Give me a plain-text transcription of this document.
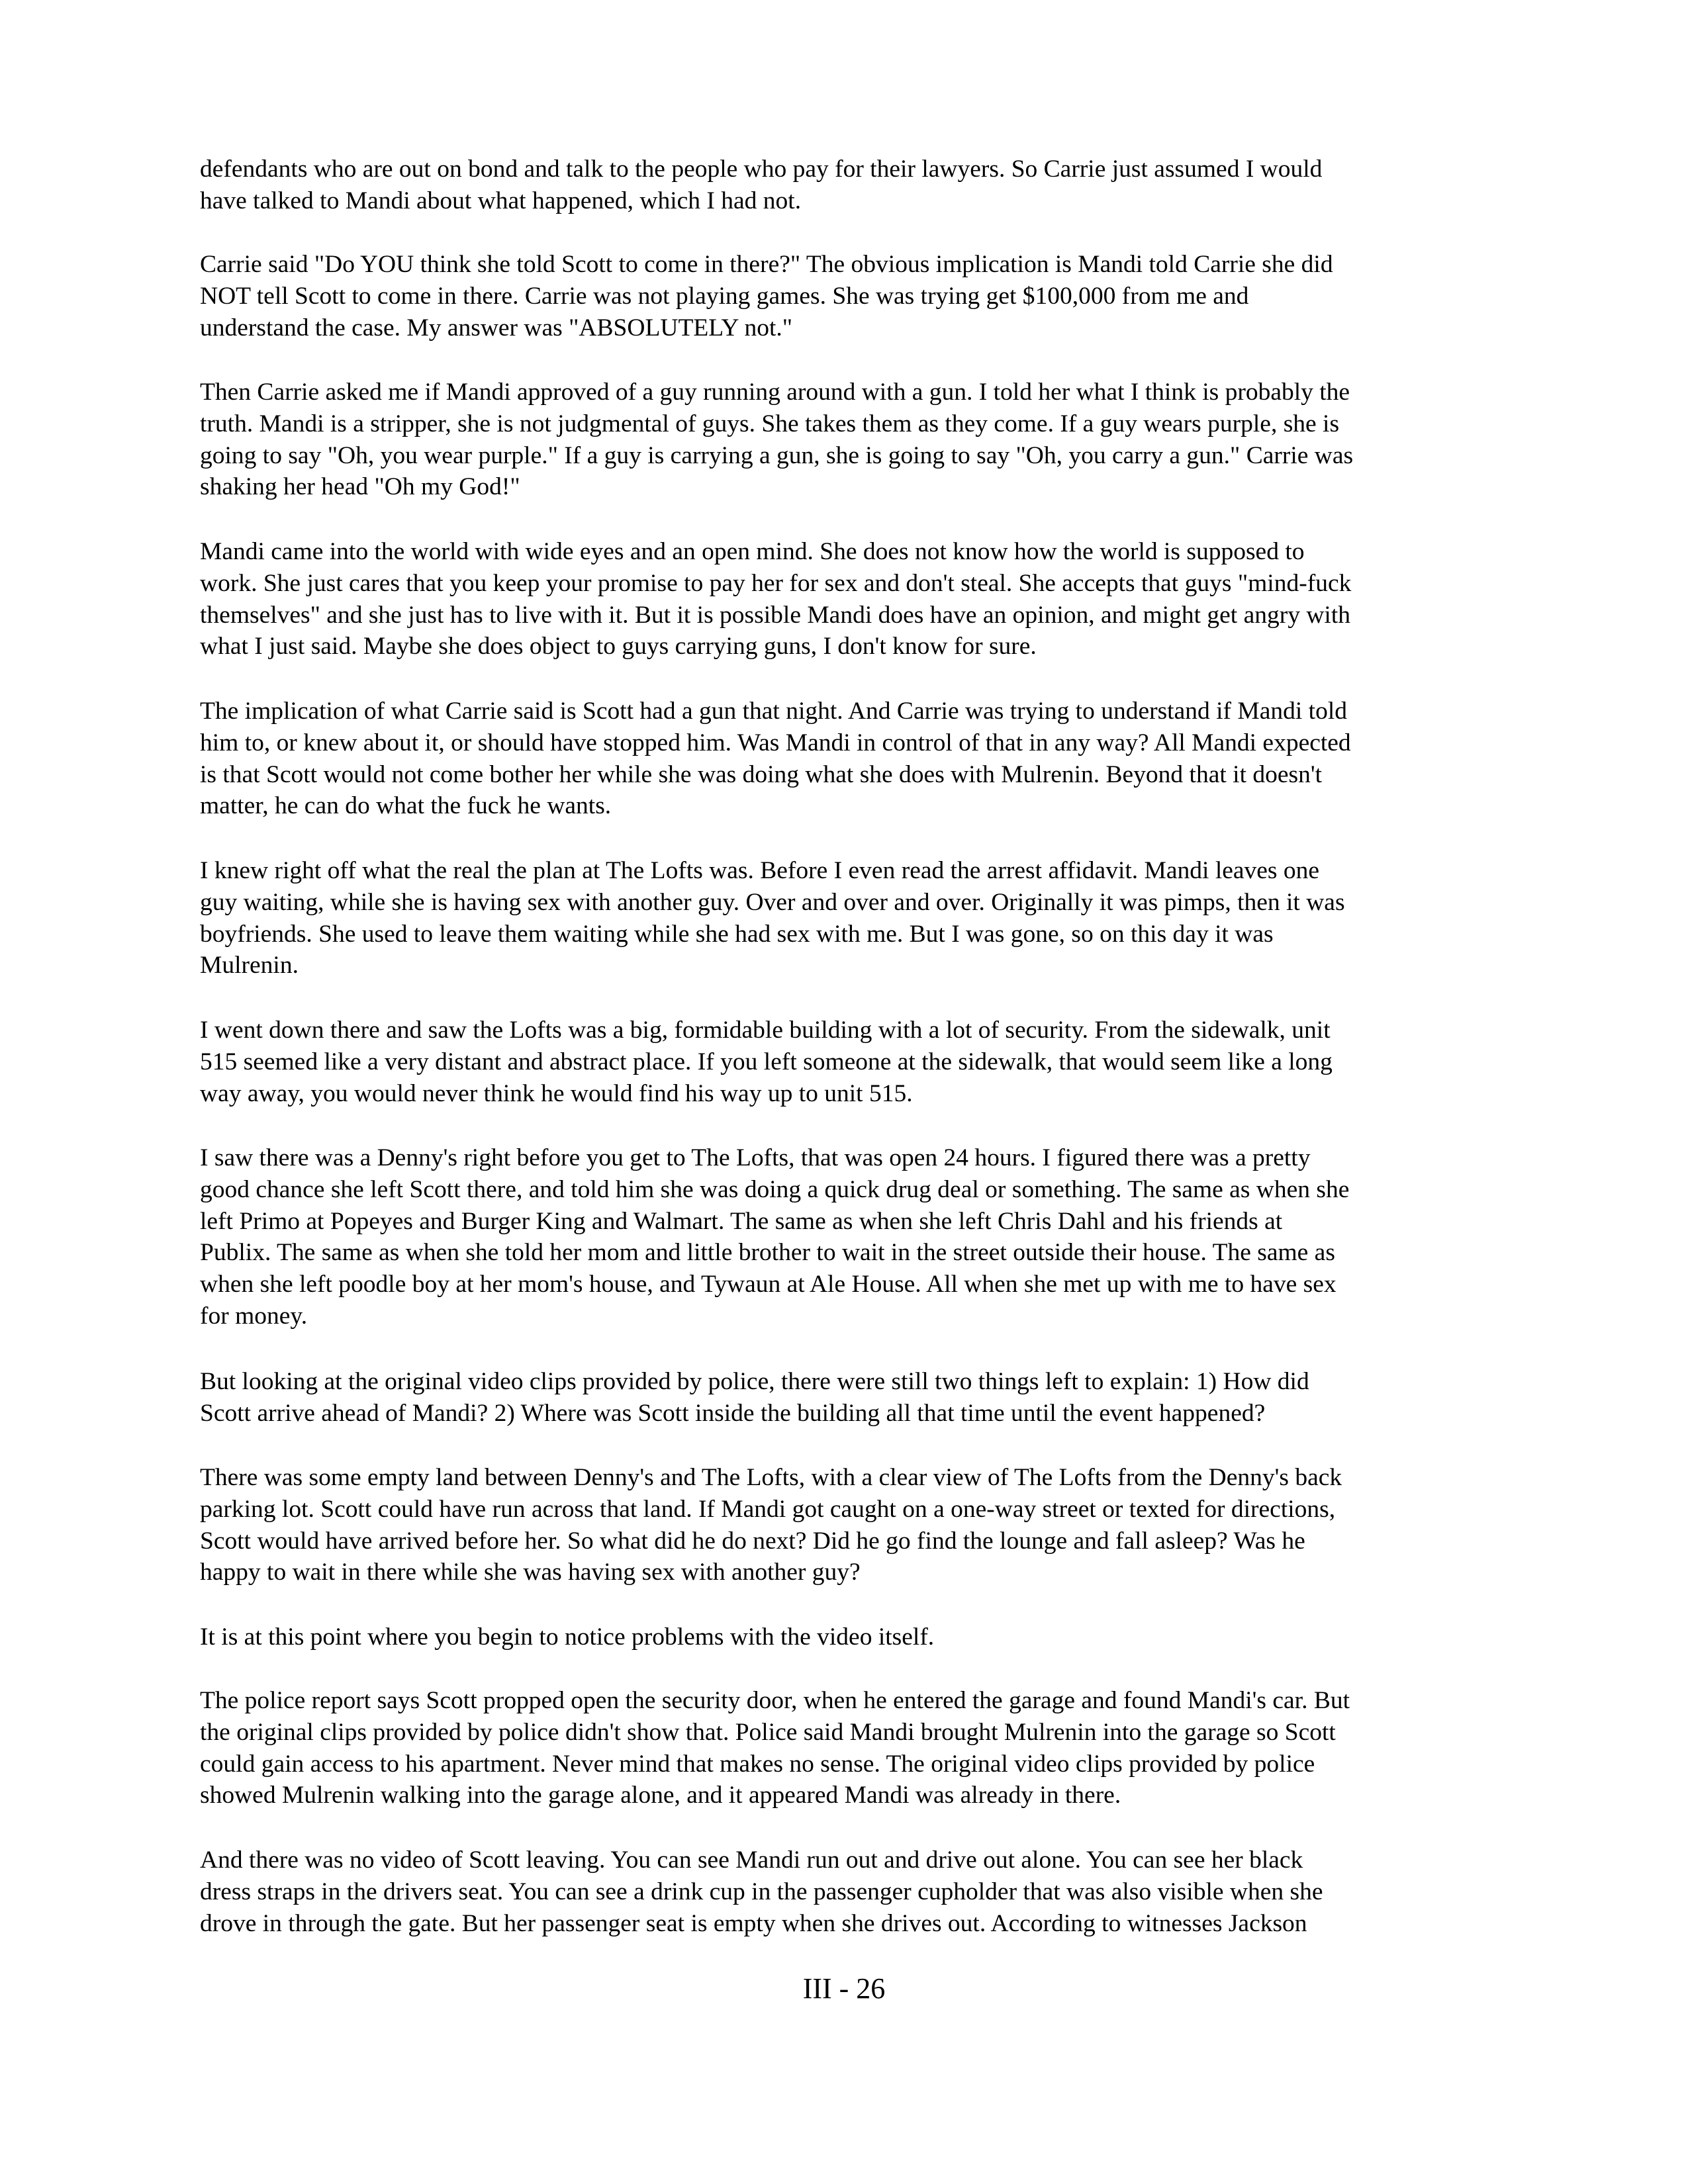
defendants who are out on bond and talk to the people who pay for their lawyers. So Carrie just assumed I would
have talked to Mandi about what happened, which I had not.

Carrie said "Do YOU think she told Scott to come in there?" The obvious implication is Mandi told Carrie she did
NOT tell Scott to come in there. Carrie was not playing games. She was trying get $100,000 from me and
understand the case. My answer was "ABSOLUTELY not."

Then Carrie asked me if Mandi approved of a guy running around with a gun. I told her what I think is probably the
truth. Mandi is a stripper, she is not judgmental of guys. She takes them as they come. If a guy wears purple, she is
going to say "Oh, you wear purple." If a guy is carrying a gun, she is going to say "Oh, you carry a gun." Carrie was
shaking her head "Oh my God!"

Mandi came into the world with wide eyes and an open mind. She does not know how the world is supposed to
work. She just cares that you keep your promise to pay her for sex and don't steal. She accepts that guys "mind-fuck
themselves" and she just has to live with it. But it is possible Mandi does have an opinion, and might get angry with
what I just said. Maybe she does object to guys carrying guns, I don't know for sure.

The implication of what Carrie said is Scott had a gun that night. And Carrie was trying to understand if Mandi told
him to, or knew about it, or should have stopped him. Was Mandi in control of that in any way? All Mandi expected
is that Scott would not come bother her while she was doing what she does with Mulrenin. Beyond that it doesn't
matter, he can do what the fuck he wants.

I knew right off what the real the plan at The Lofts was. Before I even read the arrest affidavit. Mandi leaves one
guy waiting, while she is having sex with another guy. Over and over and over. Originally it was pimps, then it was
boyfriends. She used to leave them waiting while she had sex with me. But I was gone, so on this day it was
Mulrenin.

I went down there and saw the Lofts was a big, formidable building with a lot of security. From the sidewalk, unit
515 seemed like a very distant and abstract place. If you left someone at the sidewalk, that would seem like a long
way away, you would never think he would find his way up to unit 515.

I saw there was a Denny's right before you get to The Lofts, that was open 24 hours. I figured there was a pretty
good chance she left Scott there, and told him she was doing a quick drug deal or something. The same as when she
left Primo at Popeyes and Burger King and Walmart. The same as when she left Chris Dahl and his friends at
Publix. The same as when she told her mom and little brother to wait in the street outside their house. The same as
when she left poodle boy at her mom's house, and Tywaun at Ale House. All when she met up with me to have sex
for money.

But looking at the original video clips provided by police, there were still two things left to explain: 1) How did
Scott arrive ahead of Mandi? 2) Where was Scott inside the building all that time until the event happened?

There was some empty land between Denny's and The Lofts, with a clear view of The Lofts from the Denny's back
parking lot. Scott could have run across that land. If Mandi got caught on a one-way street or texted for directions,
Scott would have arrived before her. So what did he do next? Did he go find the lounge and fall asleep? Was he
happy to wait in there while she was having sex with another guy?

It is at this point where you begin to notice problems with the video itself.

The police report says Scott propped open the security door, when he entered the garage and found Mandi's car. But
the original clips provided by police didn't show that. Police said Mandi brought Mulrenin into the garage so Scott
could gain access to his apartment. Never mind that makes no sense. The original video clips provided by police
showed Mulrenin walking into the garage alone, and it appeared Mandi was already in there.

And there was no video of Scott leaving. You can see Mandi run out and drive out alone. You can see her black
dress straps in the drivers seat. You can see a drink cup in the passenger cupholder that was also visible when she
drove in through the gate. But her passenger seat is empty when she drives out. According to witnesses Jackson

III - 26
